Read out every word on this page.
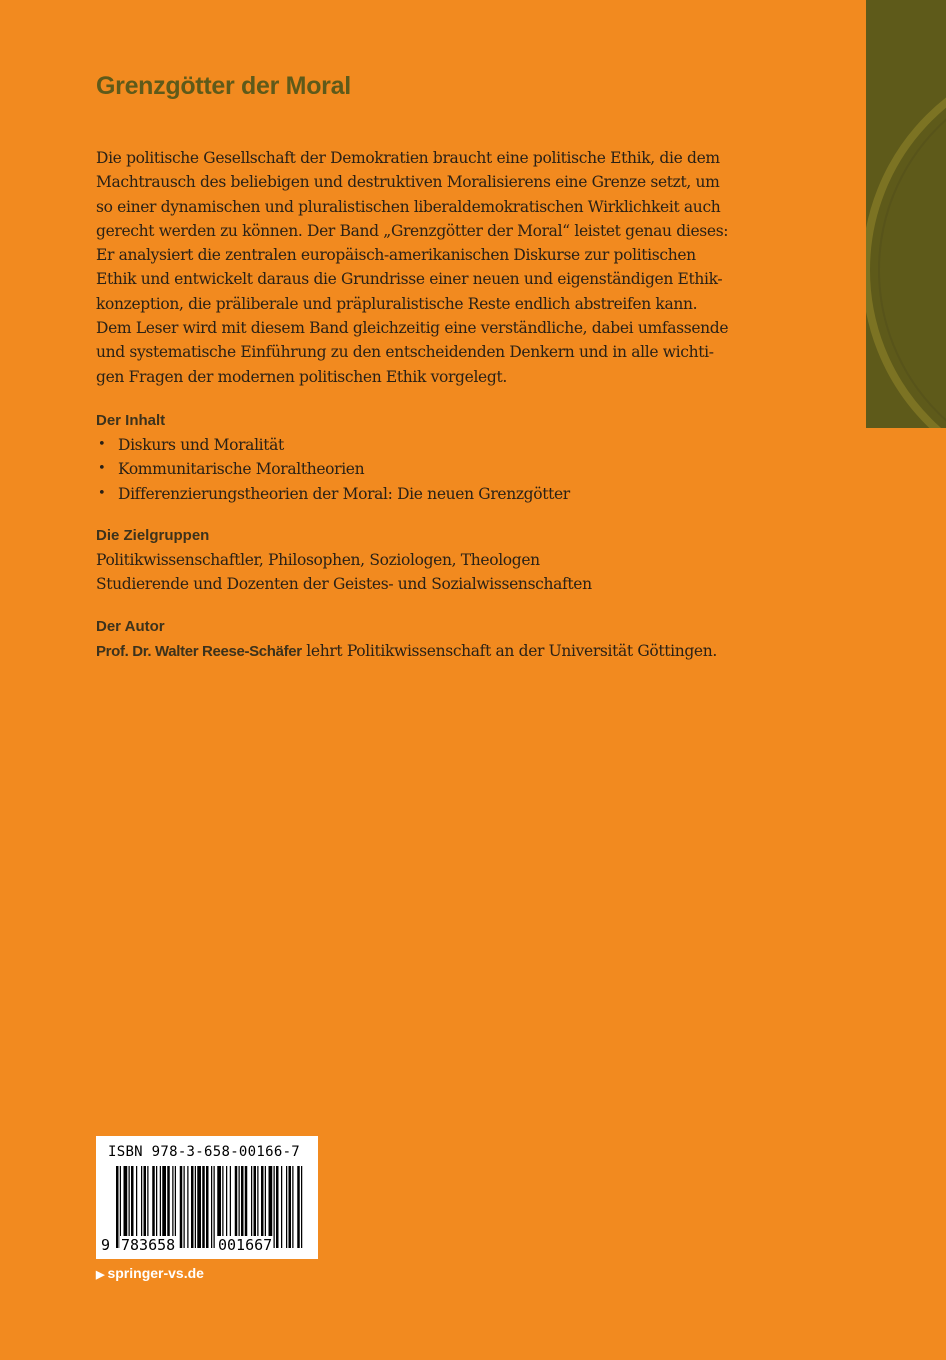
Grenzgötter der Moral

Die politische Gesellschaft der Demokratien braucht eine politische Ethik, die dem

Machtrausch des beliebigen und destruktiven Moralisierens eine Grenze setzt, um

so einer dynamischen und pluralistischen liberaldemokratischen Wirklichkeit auch

gerecht werden zu können. Der Band „Grenzgötter der Moral“ leistet genau dieses:

Er analysiert die zentralen europäisch-amerikanischen Diskurse zur politischen

Ethik und entwickelt daraus die Grundrisse einer neuen und eigenständigen Ethik-

konzeption, die präliberale und präpluralistische Reste endlich abstreifen kann.

Dem Leser wird mit diesem Band gleichzeitig eine verständliche, dabei umfassende

und systematische Einführung zu den entscheidenden Denkern und in alle wichti-

gen Fragen der modernen politischen Ethik vorgelegt.

Der Inhalt
• Diskurs und Moralität
• Kommunitarische Moraltheorien
• Differenzierungstheorien der Moral: Die neuen Grenzgötter
Die Zielgruppen
Politikwissenschaftler, Philosophen, Soziologen, Theologen
Studierende und Dozenten der Geistes- und Sozialwissenschaften
Der Autor
Prof. Dr. Walter Reese-Schäfer lehrt Politikwissenschaft an der Universität Göttingen.
ISBN 978-3-658-00166-7
9 783658	001667
▶ springer-vs.de
